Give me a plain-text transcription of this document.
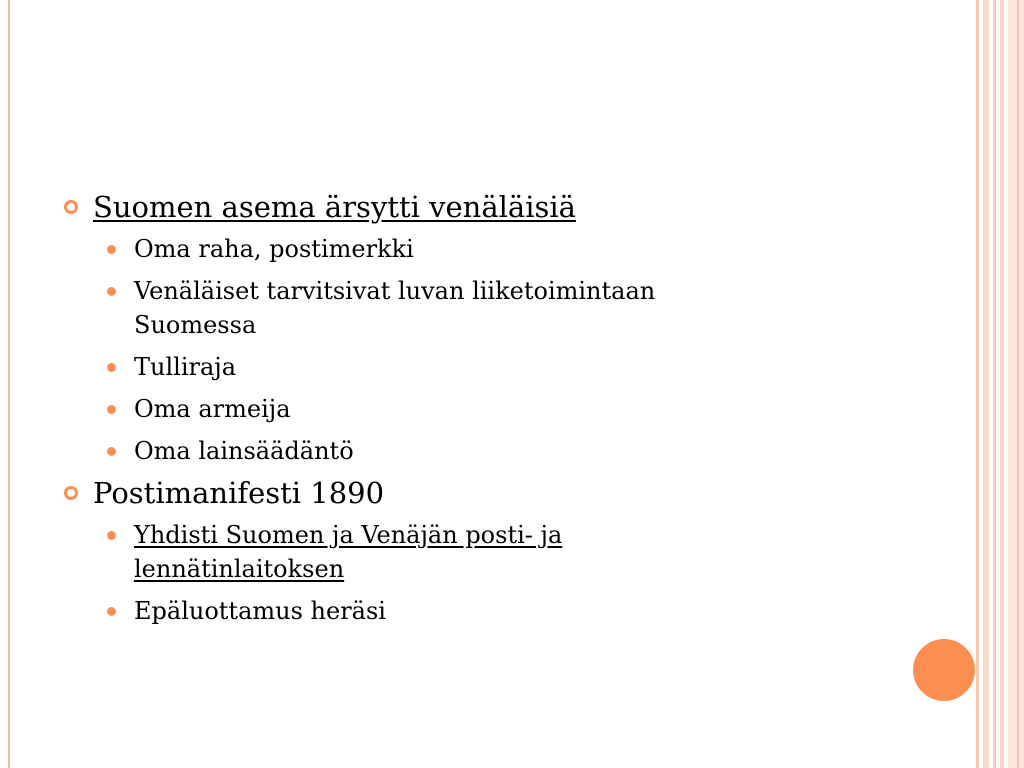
Suomen asema ärsytti venäläisiä
Oma raha, postimerkki
Venäläiset tarvitsivat luvan liiketoimintaan Suomessa
Tulliraja
Oma armeija
Oma lainsäädäntö
Postimanifesti 1890
Yhdisti Suomen ja Venäjän posti- ja lennätinlaitoksen
Epäluottamus heräsi
